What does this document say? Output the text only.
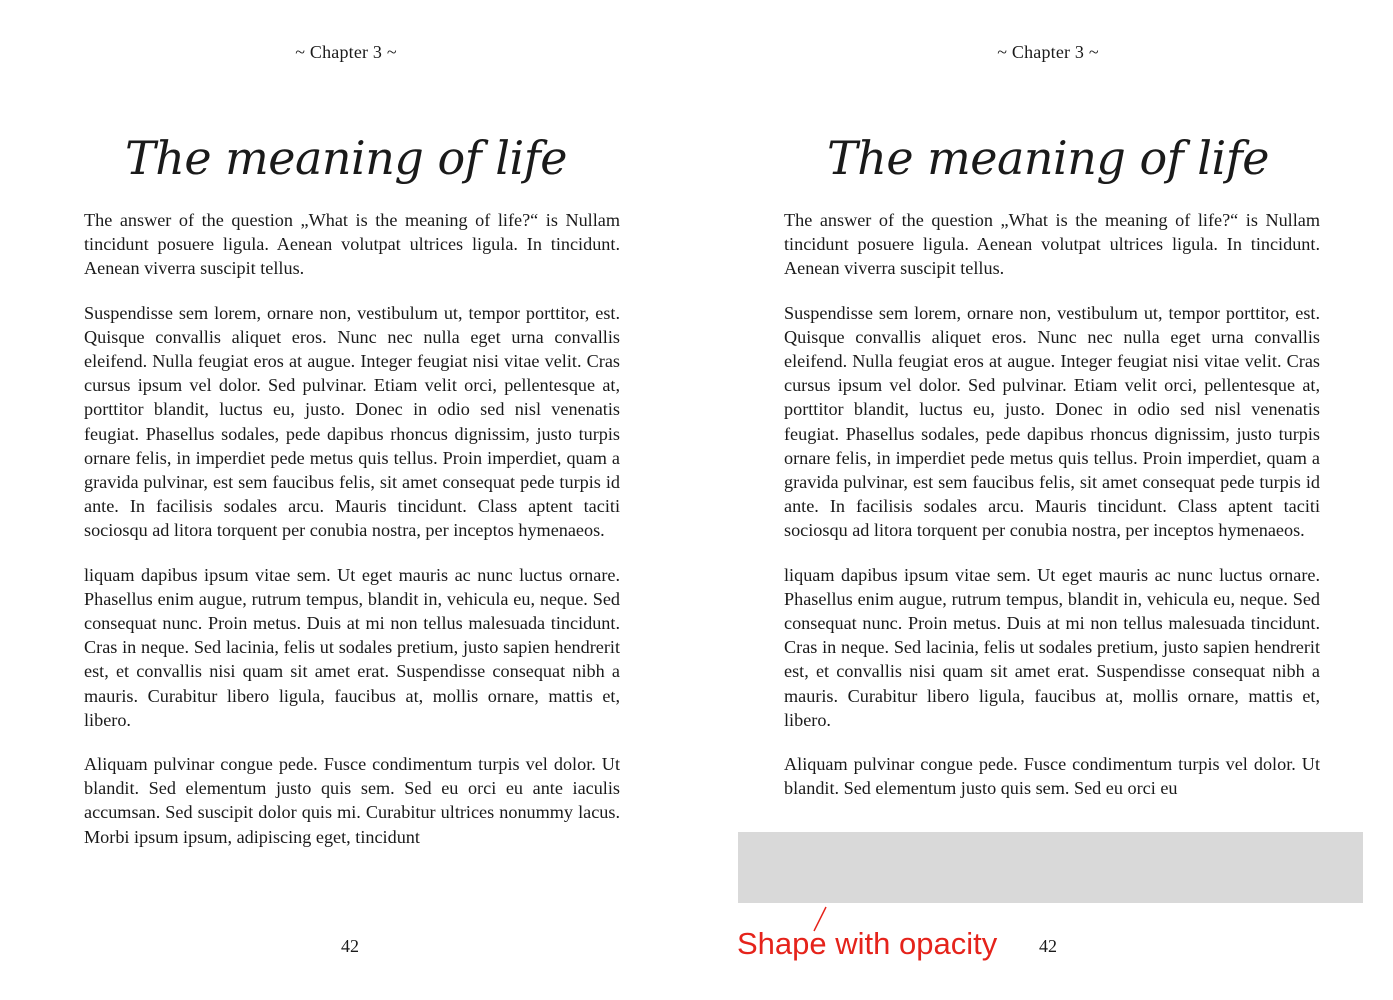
~ Chapter 3 ~
The meaning of life

The answer of the question „What is the meaning of life?“ is Nullam tincidunt posuere ligula. Aenean volutpat ultrices ligula. In tincidunt. Aenean viverra suscipit tellus.

Suspendisse sem lorem, ornare non, vestibulum ut, tempor porttitor, est. Quisque convallis aliquet eros. Nunc nec nulla eget urna convallis eleifend. Nulla feugiat eros at augue. Integer feugiat nisi vitae velit. Cras cursus ipsum vel dolor. Sed pulvinar. Etiam velit orci, pellentesque at, porttitor blandit, luctus eu, justo. Donec in odio sed nisl venenatis feugiat. Phasellus sodales, pede dapibus rhoncus dignissim, justo turpis ornare felis, in imperdiet pede metus quis tellus. Proin imperdiet, quam a gravida pulvinar, est sem faucibus felis, sit amet consequat pede turpis id ante. In facilisis sodales arcu. Mauris tincidunt. Class aptent taciti sociosqu ad litora torquent per conubia nostra, per inceptos hymenaeos.

liquam dapibus ipsum vitae sem. Ut eget mauris ac nunc luctus ornare. Phasellus enim augue, rutrum tempus, blandit in, vehicula eu, neque. Sed consequat nunc. Proin metus. Duis at mi non tellus malesuada tincidunt. Cras in neque. Sed lacinia, felis ut sodales pretium, justo sapien hendrerit est, et convallis nisi quam sit amet erat. Suspendisse consequat nibh a mauris. Curabitur libero ligula, faucibus at, mollis ornare, mattis et, libero.

Aliquam pulvinar congue pede. Fusce condimentum turpis vel dolor. Ut blandit. Sed elementum justo quis sem. Sed eu orci eu ante iaculis accumsan. Sed suscipit dolor quis mi. Curabitur ultrices nonummy lacus. Morbi ipsum ipsum, adipiscing eget, tincidunt

42
~ Chapter 3 ~
The meaning of life

The answer of the question „What is the meaning of life?“ is Nullam tincidunt posuere ligula. Aenean volutpat ultrices ligula. In tincidunt. Aenean viverra suscipit tellus.

Suspendisse sem lorem, ornare non, vestibulum ut, tempor porttitor, est. Quisque convallis aliquet eros. Nunc nec nulla eget urna convallis eleifend. Nulla feugiat eros at augue. Integer feugiat nisi vitae velit. Cras cursus ipsum vel dolor. Sed pulvinar. Etiam velit orci, pellentesque at, porttitor blandit, luctus eu, justo. Donec in odio sed nisl venenatis feugiat. Phasellus sodales, pede dapibus rhoncus dignissim, justo turpis ornare felis, in imperdiet pede metus quis tellus. Proin imperdiet, quam a gravida pulvinar, est sem faucibus felis, sit amet consequat pede turpis id ante. In facilisis sodales arcu. Mauris tincidunt. Class aptent taciti sociosqu ad litora torquent per conubia nostra, per inceptos hymenaeos.

liquam dapibus ipsum vitae sem. Ut eget mauris ac nunc luctus ornare. Phasellus enim augue, rutrum tempus, blandit in, vehicula eu, neque. Sed consequat nunc. Proin metus. Duis at mi non tellus malesuada tincidunt. Cras in neque. Sed lacinia, felis ut sodales pretium, justo sapien hendrerit est, et convallis nisi quam sit amet erat. Suspendisse consequat nibh a mauris. Curabitur libero ligula, faucibus at, mollis ornare, mattis et, libero.

Aliquam pulvinar congue pede. Fusce condimentum turpis vel dolor. Ut blandit. Sed elementum justo quis sem. Sed eu orci eu

42
Shape with opacity
